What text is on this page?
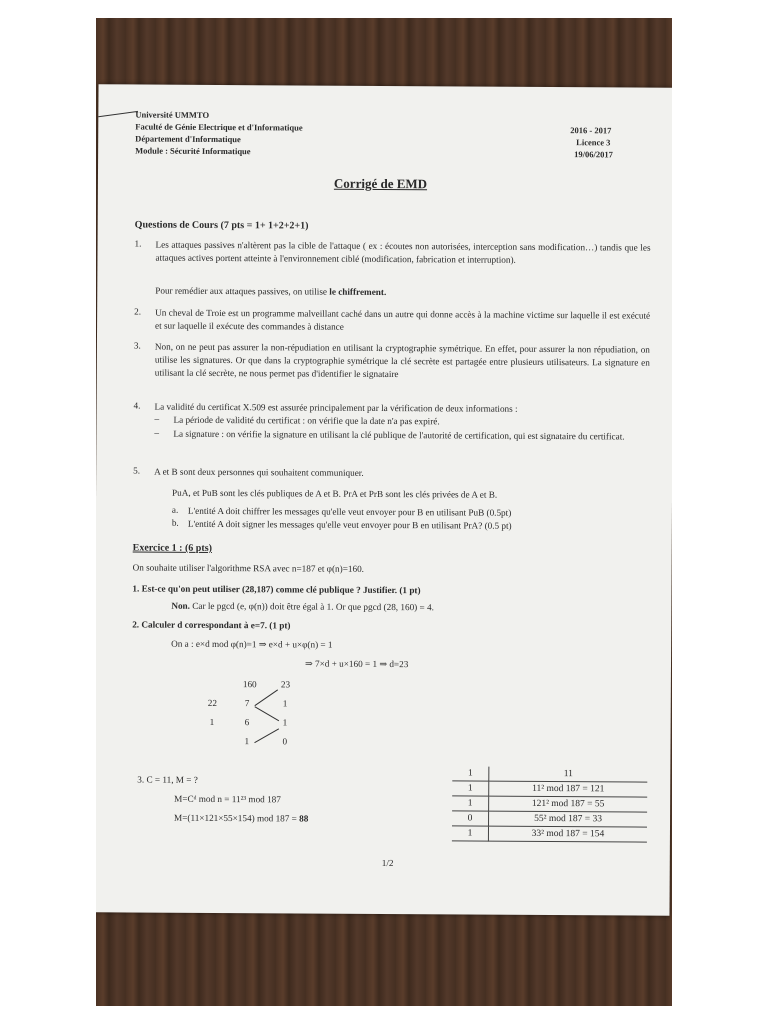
Université UMMTO
Faculté de Génie Electrique et d'Informatique
Département d'Informatique
Module : Sécurité Informatique
2016 - 2017
Licence 3
19/06/2017
Corrigé de EMD
Questions de Cours (7 pts = 1+ 1+2+2+1)
1. Les attaques passives n'altèrent pas la cible de l'attaque ( ex : écoutes non autorisées, interception sans modification…) tandis que les attaques actives portent atteinte à l'environnement ciblé (modification, fabrication et interruption).
Pour remédier aux attaques passives, on utilise le chiffrement.
2. Un cheval de Troie est un programme malveillant caché dans un autre qui donne accès à la machine victime sur laquelle il est exécuté et sur laquelle il exécute des commandes à distance
3. Non, on ne peut pas assurer la non-répudiation en utilisant la cryptographie symétrique. En effet, pour assurer la non répudiation, on utilise les signatures. Or que dans la cryptographie symétrique la clé secrète est partagée entre plusieurs utilisateurs. La signature en utilisant la clé secrète, ne nous permet pas d'identifier le signataire
4. La validité du certificat X.509 est assurée principalement par la vérification de deux informations :
– La période de validité du certificat : on vérifie que la date n'a pas expiré.
– La signature : on vérifie la signature en utilisant la clé publique de l'autorité de certification, qui est signataire du certificat.
5. A et B sont deux personnes qui souhaitent communiquer.
PuA, et PuB sont les clés publiques de A et B. PrA et PrB sont les clés privées de A et B.
a. L'entité A doit chiffrer les messages qu'elle veut envoyer pour B en utilisant PuB (0.5pt)
b. L'entité A doit signer les messages qu'elle veut envoyer pour B en utilisant PrA? (0.5 pt)
Exercice 1 : (6 pts)
On souhaite utiliser l'algorithme RSA avec n=187 et φ(n)=160.
1. Est-ce qu'on peut utiliser (28,187) comme clé publique ? Justifier. (1 pt)
Non. Car le pgcd (e, φ(n)) doit être égal à 1. Or que pgcd (28, 160) = 4.
2. Calculer d correspondant à e=7. (1 pt)
On a : e×d mod φ(n)=1 ⇒ e×d + u×φ(n) = 1
⇒ 7×d + u×160 = 1 ⇒ d=23
160	23
22	7	1
1	6	1
1	0
3. C = 11, M = ?
M=Cᵈ mod n = 11²³ mod 187
M=(11×121×55×154) mod 187 = 88
1	11
1	11² mod 187 = 121
1	121² mod 187 = 55
0	55² mod 187 = 33
1	33² mod 187 = 154
1/2
